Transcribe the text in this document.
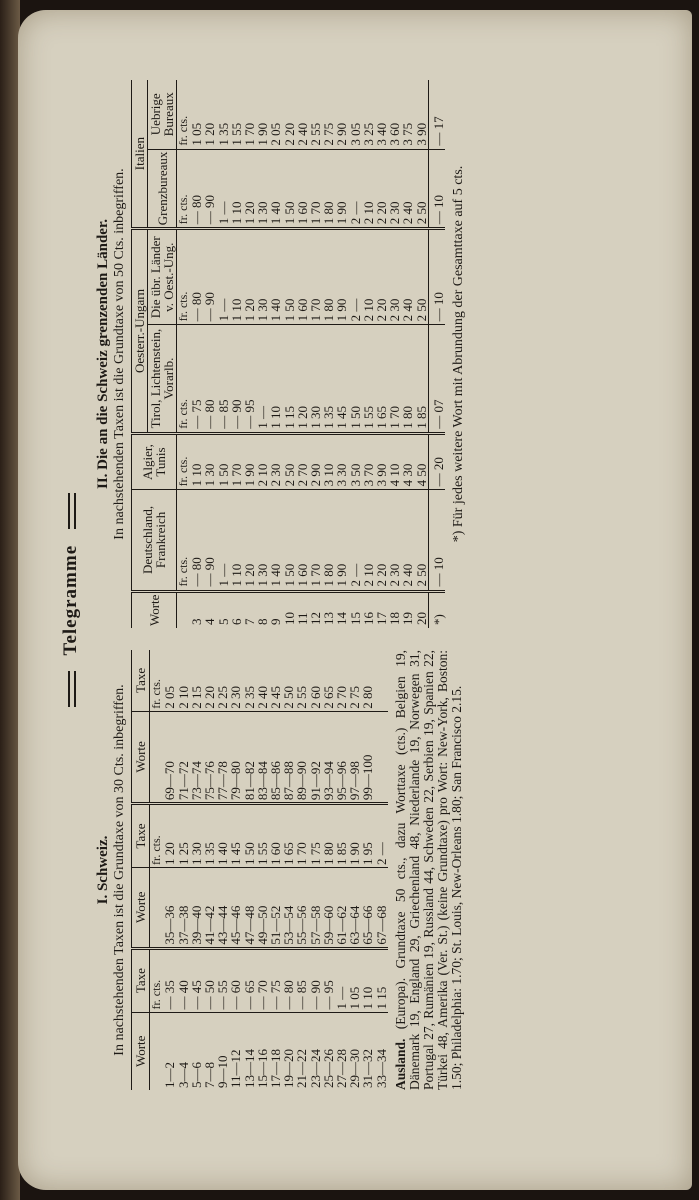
Telegramme
I. Schweiz. In nachstehenden Taxen ist die Grundtaxe von 30 Cts. inbegriffen. Worte	Taxe	Worte	Taxe	Worte	Taxe
	fr. cts.		fr. cts.		fr. cts.
1—2	— 35	35—36	1 20	69—70	2 05
3—4	— 40	37—38	1 25	71—72	2 10
5—6	— 45	39—40	1 30	73—74	2 15
7—8	— 50	41—42	1 35	75—76	2 20
9—10	— 55	43—44	1 40	77—78	2 25
11—12	— 60	45—46	1 45	79—80	2 30
13—14	— 65	47—48	1 50	81—82	2 35
15—16	— 70	49—50	1 55	83—84	2 40
17—18	— 75	51—52	1 60	85—86	2 45
19—20	— 80	53—54	1 65	87—88	2 50
21—22	— 85	55—56	1 70	89—90	2 55
23—24	— 90	57—58	1 75	91—92	2 60
25—26	— 95	59—60	1 80	93—94	2 65
27—28	1 —	61—62	1 85	95—96	2 70
29—30	1 05	63—64	1 90	97—98	2 75
31—32	1 10	65—66	1 95	99—100	2 80
33—34	1 15	67—68	2 —		
Ausland. (Europa). Grundtaxe 50 cts., dazu Worttaxe (cts.) Belgien 19, Dänemark 19, England 29, Griechenland 48, Niederlande 19, Norwegen 31, Portugal 27, Rumänien 19, Russland 44, Schweden 22, Serbien 19, Spanien 22, Türkei 48, Amerika (Ver. St.) (keine Grundtaxe) pro Wort: New-York, Boston: 1.50; Philadelphia: 1.70; St. Louis, New-Orleans 1.80; San Francisco 2.15.
II. Die an die Schweiz grenzenden Länder. In nachstehenden Taxen ist die Grundtaxe von 50 Cts. inbegriffen.
Worte	Deutschland, Frankreich	Algier, Tunis	Oesterr.-Ungarn		Italien	
			Tirol, Lichtenstein, Vorarlb.	Die übr. Länder v. Oest.-Ung.	Grenzbureaux	Uebrige Bureaux
	fr. cts.	fr. cts.	fr. cts.	fr. cts.	fr. cts.	fr. cts.
3	— 80	1 10	— 75	— 80	— 80	1 05
4	— 90	1 30	— 80	— 90	— 90	1 20
5	1 —	1 50	— 85	1 —	1 —	1 35
6	1 10	1 70	— 90	1 10	1 10	1 55
7	1 20	1 90	— 95	1 20	1 20	1 70
8	1 30	2 10	1 —	1 30	1 30	1 90
9	1 40	2 30	1 10	1 40	1 40	2 05
10	1 50	2 50	1 15	1 50	1 50	2 20
11	1 60	2 70	1 20	1 60	1 60	2 40
12	1 70	2 90	1 30	1 70	1 70	2 55
13	1 80	3 10	1 35	1 80	1 80	2 75
14	1 90	3 30	1 45	1 90	1 90	2 90
15	2 —	3 50	1 50	2 —	2 —	3 05
16	2 10	3 70	1 55	2 10	2 10	3 25
17	2 20	3 90	1 65	2 20	2 20	3 40
18	2 30	4 10	1 70	2 30	2 30	3 60
19	2 40	4 30	1 80	2 40	2 40	3 75
20	2 50	4 50	1 85	2 50	2 50	3 90
*)	— 10	— 20	— 07	— 10	— 10	— 17
*) Für jedes weitere Wort mit Abrundung der Gesamttaxe auf 5 cts.
